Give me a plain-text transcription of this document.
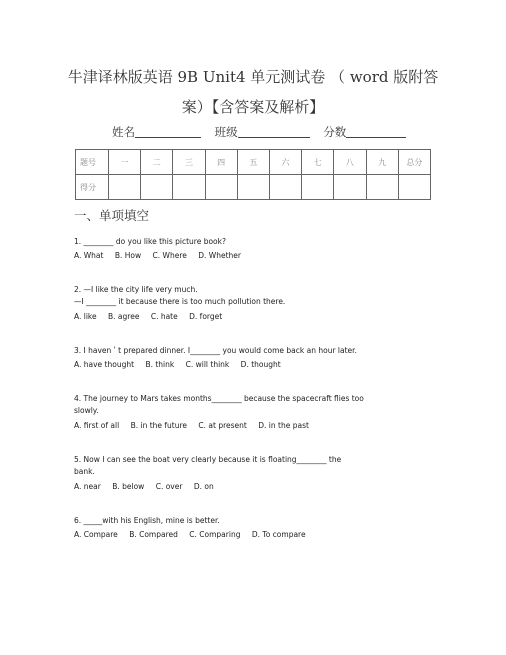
牛津译林版英语 9B Unit4 单元测试卷 （ word 版附答
案）【含答案及解析】
姓名	班级	分数
题号	一	二	三	四	五	六	七	八	九	总分
得分										
一、单项填空
1. ________ do you like this picture book?
A. What B. How C. Where D. Whether
2. —I like the city life very much.
—I ________ it because there is too much pollution there.
A. like B. agree C. hate D. forget
3. I haven ʹ t prepared dinner. I________ you would come back an hour later.
A. have thought B. think C. will think D. thought
4. The journey to Mars takes months________ because the spacecraft flies too
slowly.
A. first of all B. in the future C. at present D. in the past
5. Now I can see the boat very clearly because it is floating________ the
bank.
A. near B. below C. over D. on
6. _____with his English, mine is better.
A. Compare B. Compared C. Comparing D. To compare
